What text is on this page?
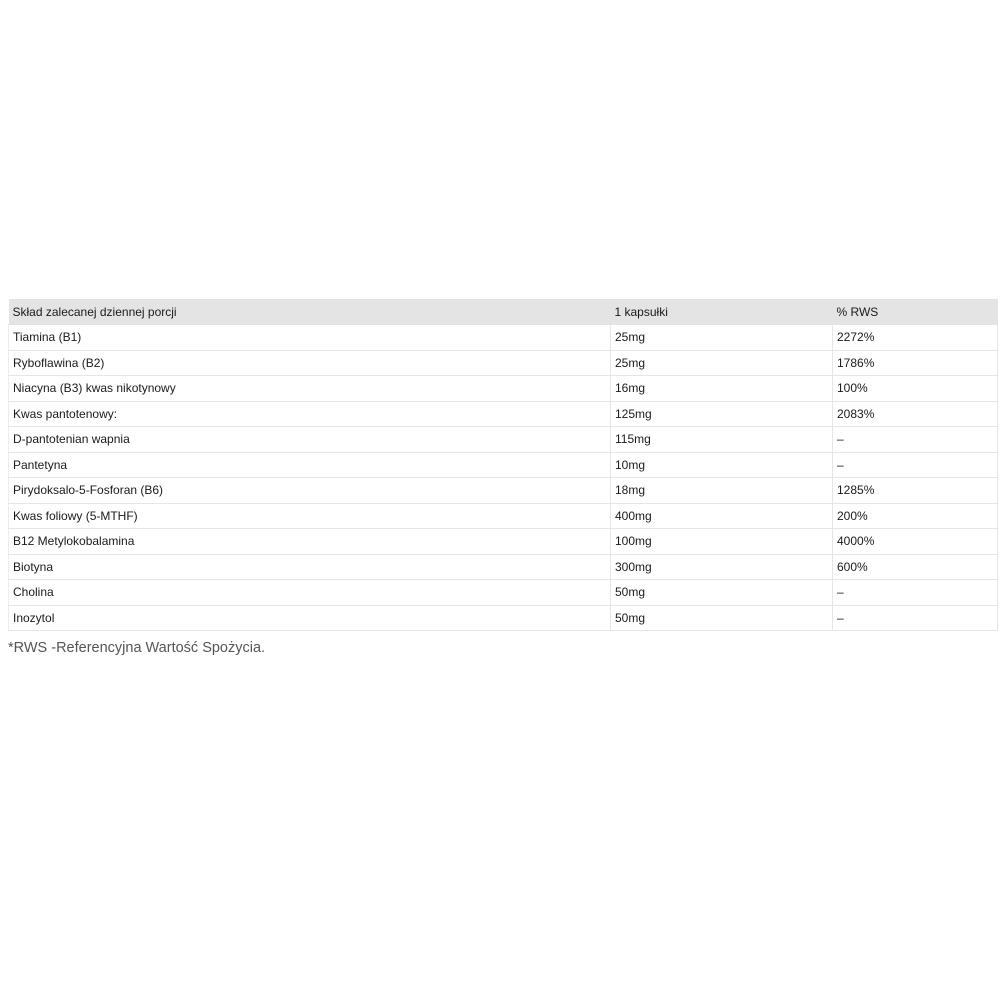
Skład zalecanej dziennej porcji	1 kapsułki	% RWS
Tiamina (B1)	25mg	2272%
Ryboflawina (B2)	25mg	1786%
Niacyna (B3) kwas nikotynowy	16mg	100%
Kwas pantotenowy:	125mg	2083%
D-pantotenian wapnia	115mg	–
Pantetyna	10mg	–
Pirydoksalo-5-Fosforan (B6)	18mg	1285%
Kwas foliowy (5-MTHF)	400mg	200%
B12 Metylokobalamina	100mg	4000%
Biotyna	300mg	600%
Cholina	50mg	–
Inozytol	50mg	–
*RWS -Referencyjna Wartość Spożycia.
